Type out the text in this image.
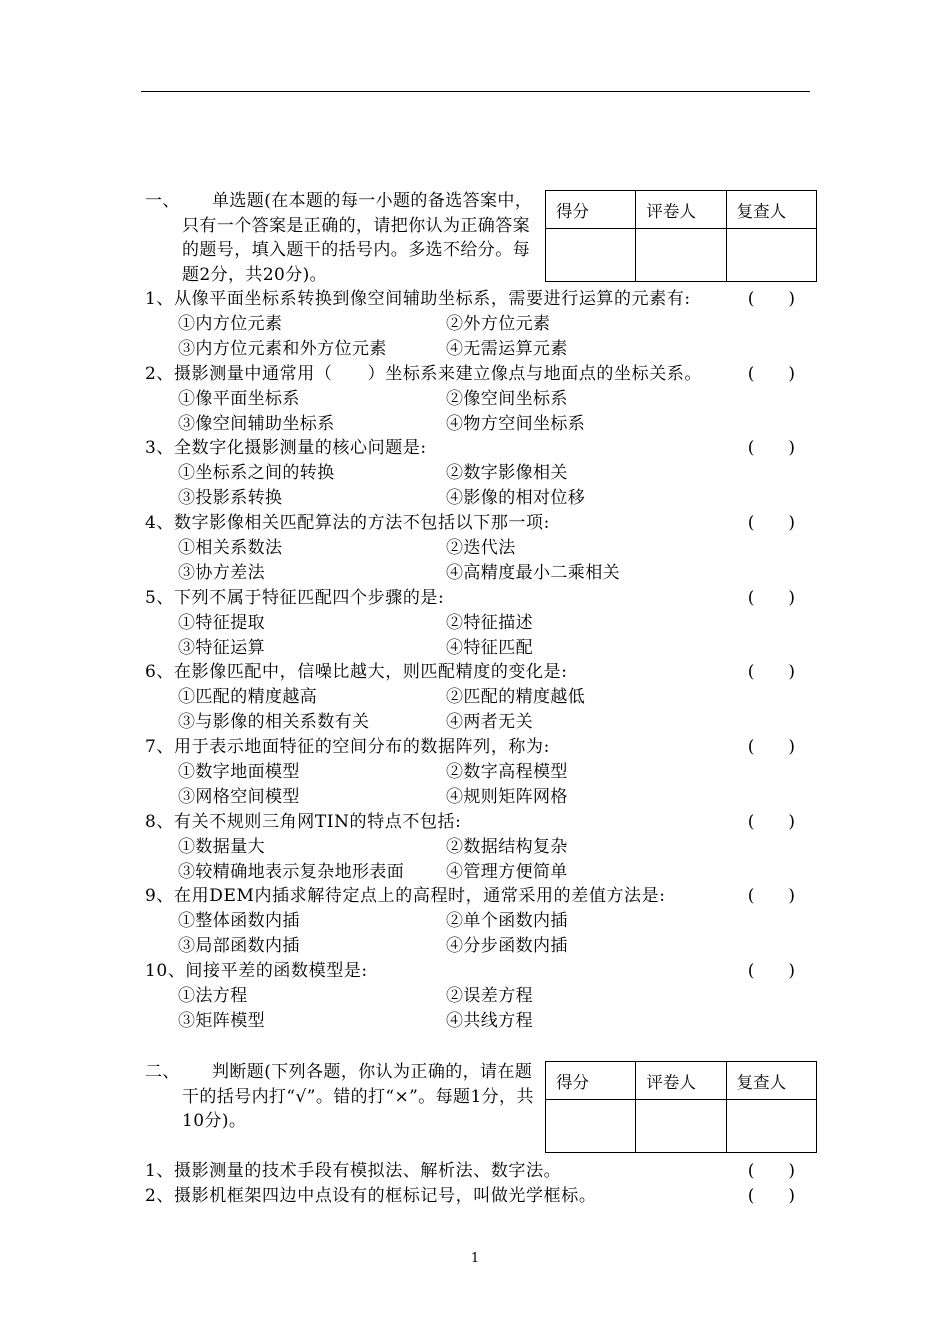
一、	单选题(在本题的每一小题的备选答案中，只有一个答案是正确的，请把你认为正确答案的题号，填入题干的括号内。多选不给分。每题2分，共20分)。
得分	评卷人	复查人

1、从像平面坐标系转换到像空间辅助坐标系，需要进行运算的元素有:	(　　)
①内方位元素	②外方位元素
③内方位元素和外方位元素	④无需运算元素
2、摄影测量中通常用（　　）坐标系来建立像点与地面点的坐标关系。	(　　)
①像平面坐标系	②像空间坐标系
③像空间辅助坐标系	④物方空间坐标系
3、全数字化摄影测量的核心问题是:	(　　)
①坐标系之间的转换	②数字影像相关
③投影系转换	④影像的相对位移
4、数字影像相关匹配算法的方法不包括以下那一项:	(　　)
①相关系数法	②迭代法
③协方差法	④高精度最小二乘相关
5、下列不属于特征匹配四个步骤的是:	(　　)
①特征提取	②特征描述
③特征运算	④特征匹配
6、在影像匹配中，信噪比越大，则匹配精度的变化是:	(　　)
①匹配的精度越高	②匹配的精度越低
③与影像的相关系数有关	④两者无关
7、用于表示地面特征的空间分布的数据阵列，称为:	(　　)
①数字地面模型	②数字高程模型
③网格空间模型	④规则矩阵网格
8、有关不规则三角网TIN的特点不包括:	(　　)
①数据量大	②数据结构复杂
③较精确地表示复杂地形表面 ④管理方便简单
9、在用DEM内插求解待定点上的高程时，通常采用的差值方法是:	(　　)
①整体函数内插	②单个函数内插
③局部函数内插	④分步函数内插
10、间接平差的函数模型是:	(　　)
①法方程	②误差方程
③矩阵模型	④共线方程
二、	判断题(下列各题，你认为正确的，请在题干的括号内打“√”。错的打“×”。每题1分，共10分)。
得分	评卷人	复查人

1、摄影测量的技术手段有模拟法、解析法、数字法。	(　　)
2、摄影机框架四边中点设有的框标记号，叫做光学框标。	(　　)
1
